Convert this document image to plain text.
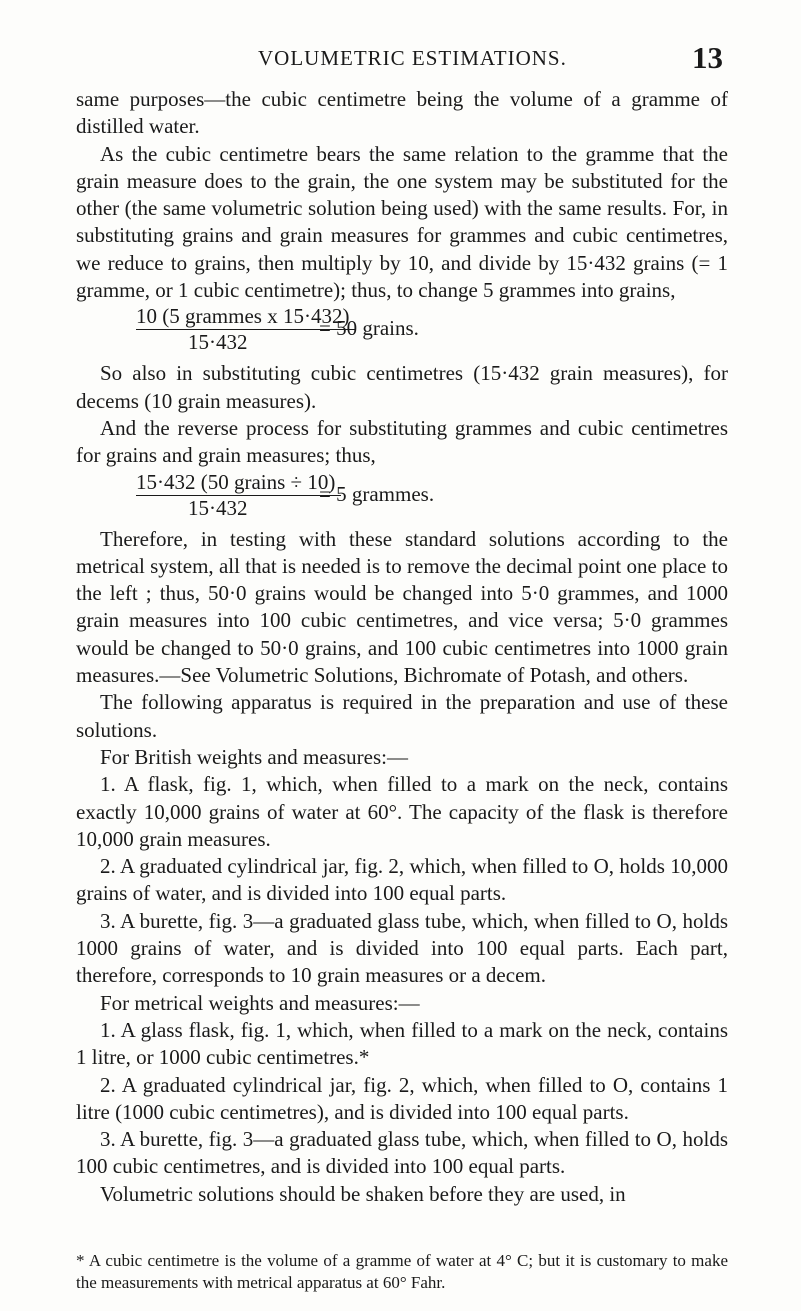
VOLUMETRIC ESTIMATIONS.	13

same purposes—the cubic centimetre being the volume of a gramme of distilled water.

As the cubic centimetre bears the same relation to the gramme that the grain measure does to the grain, the one system may be substituted for the other (the same volumetric solution being used) with the same results. For, in substituting grains and grain measures for grammes and cubic centimetres, we reduce to grains, then multiply by 10, and divide by 15·432 grains (= 1 gramme, or 1 cubic centimetre); thus, to change 5 grammes into grains,

10 (5 grammes x 15·432)
15·432
= 50 grains.

So also in substituting cubic centimetres (15·432 grain measures), for decems (10 grain measures).

And the reverse process for substituting grammes and cubic centimetres for grains and grain measures; thus,

15·432 (50 grains ÷ 10)
15·432
= 5 grammes.

Therefore, in testing with these standard solutions according to the metrical system, all that is needed is to remove the decimal point one place to the left ; thus, 50·0 grains would be changed into 5·0 grammes, and 1000 grain measures into 100 cubic centimetres, and vice versa; 5·0 grammes would be changed to 50·0 grains, and 100 cubic centimetres into 1000 grain measures.—See Volumetric Solutions, Bichromate of Potash, and others.

The following apparatus is required in the preparation and use of these solutions.

For British weights and measures:—

1. A flask, fig. 1, which, when filled to a mark on the neck, contains exactly 10,000 grains of water at 60°. The capacity of the flask is therefore 10,000 grain measures.

2. A graduated cylindrical jar, fig. 2, which, when filled to O, holds 10,000 grains of water, and is divided into 100 equal parts.

3. A burette, fig. 3—a graduated glass tube, which, when filled to O, holds 1000 grains of water, and is divided into 100 equal parts. Each part, therefore, corresponds to 10 grain measures or a decem.

For metrical weights and measures:—

1. A glass flask, fig. 1, which, when filled to a mark on the neck, contains 1 litre, or 1000 cubic centimetres.*

2. A graduated cylindrical jar, fig. 2, which, when filled to O, contains 1 litre (1000 cubic centimetres), and is divided into 100 equal parts.

3. A burette, fig. 3—a graduated glass tube, which, when filled to O, holds 100 cubic centimetres, and is divided into 100 equal parts.

Volumetric solutions should be shaken before they are used, in

* A cubic centimetre is the volume of a gramme of water at 4° C; but it is customary to make the measurements with metrical apparatus at 60° Fahr.
